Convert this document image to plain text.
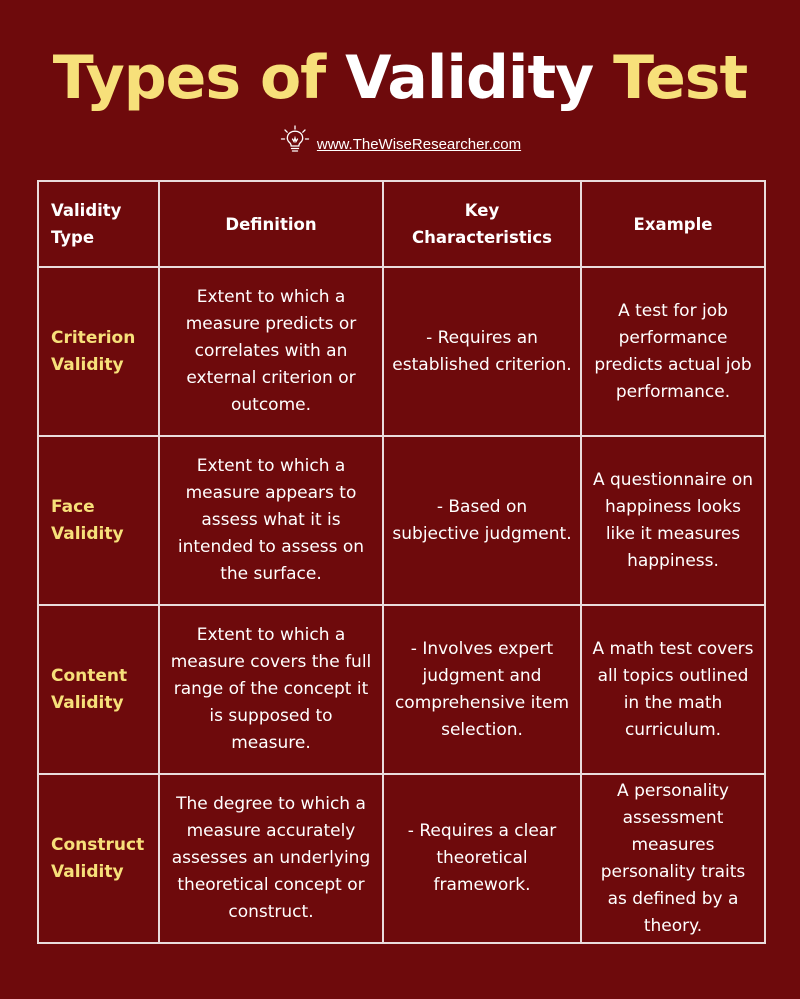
Types of Validity Test
www.TheWiseResearcher.com
Validity Type	Definition	Key Characteristics	Example
Criterion Validity	Extent to which a measure predicts or correlates with an external criterion or outcome.	- Requires an established criterion.	A test for job performance predicts actual job performance.
Face Validity	Extent to which a measure appears to assess what it is intended to assess on the surface.	- Based on subjective judgment.	A questionnaire on happiness looks like it measures happiness.
Content Validity	Extent to which a measure covers the full range of the concept it is supposed to measure.	- Involves expert judgment and comprehensive item selection.	A math test covers all topics outlined in the math curriculum.
Construct Validity	The degree to which a measure accurately assesses an underlying theoretical concept or construct.	- Requires a clear theoretical framework.	A personality assessment measures personality traits as defined by a theory.
